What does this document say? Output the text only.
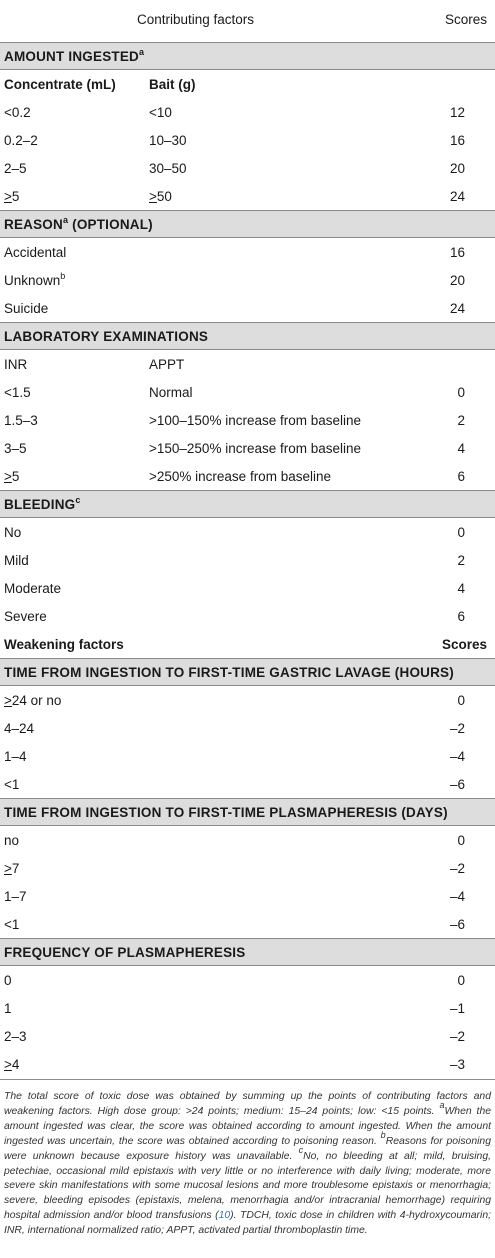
Contributing factors	Scores
AMOUNT INGESTED$^a$
Concentrate (mL) Bait (g)
<0.2	<10	12
0.2–2	10–30	16
2–5	30–50	20
>5	>50	24
REASON$^a$ (OPTIONAL)
Accidental	16
Unknown$^b$	20
Suicide	24
LABORATORY EXAMINATIONS
INR	APPT
<1.5	Normal	0
1.5–3	>100–150% increase from baseline	2
3–5	>150–250% increase from baseline	4
>5	>250% increase from baseline	6
BLEEDING$^c$
No	0
Mild	2
Moderate	4
Severe	6
Weakening factors	Scores
TIME FROM INGESTION TO FIRST-TIME GASTRIC LAVAGE (HOURS)
>24 or no	0
4–24	–2
1–4	–4
<1	–6
TIME FROM INGESTION TO FIRST-TIME PLASMAPHERESIS (DAYS)
no	0
>7	–2
1–7	–4
<1	–6
FREQUENCY OF PLASMAPHERESIS
0	0
1	–1
2–3	–2
>4	–3
The total score of toxic dose was obtained by summing up the points of contributing factors and weakening factors. High dose group: >24 points; medium: 15–24 points; low: <15 points. $^a$When the amount ingested was clear, the score was obtained according to amount ingested. When the amount ingested was uncertain, the score was obtained according to poisoning reason. $^b$Reasons for poisoning were unknown because exposure history was unavailable. $^c$No, no bleeding at all; mild, bruising, petechiae, occasional mild epistaxis with very little or no interference with daily living; moderate, more severe skin manifestations with some mucosal lesions and more troublesome epistaxis or menorrhagia; severe, bleeding episodes (epistaxis, melena, menorrhagia and/or intracranial hemorrhage) requiring hospital admission and/or blood transfusions (10). TDCH, toxic dose in children with 4-hydroxycoumarin; INR, international normalized ratio; APPT, activated partial thromboplastin time.
